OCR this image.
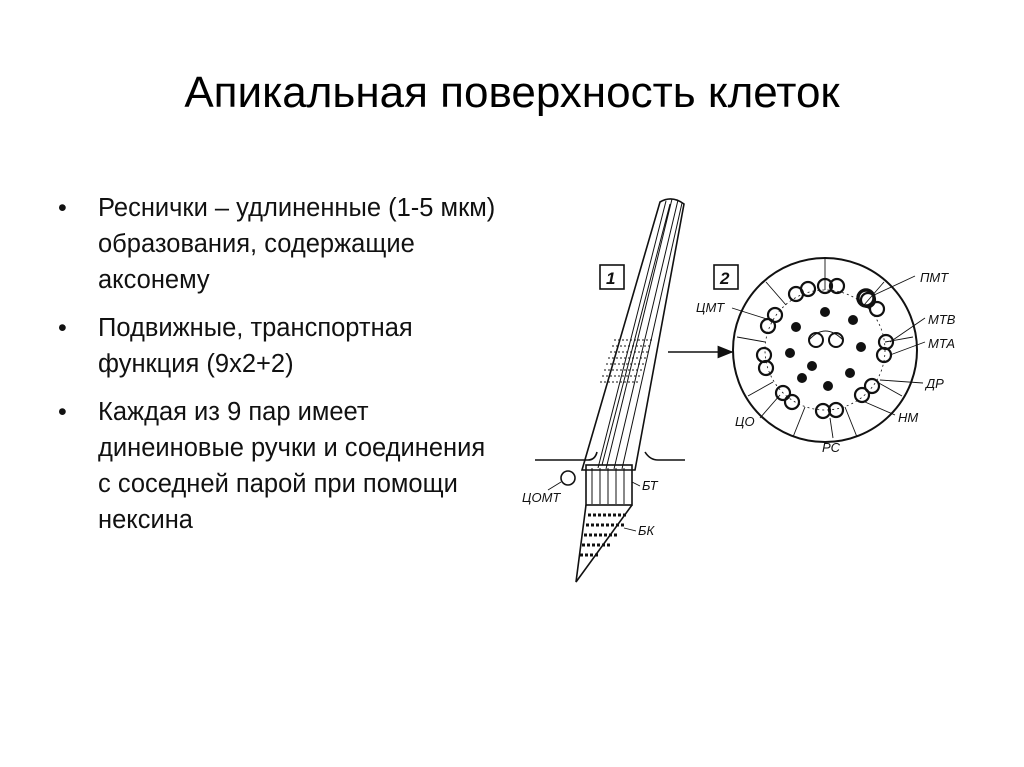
Апикальная поверхность клеток
• Реснички – удлиненные (1-5 мкм) образования, содержащие аксонему
• Подвижные, транспортная функция (9х2+2)
• Каждая из 9 пар имеет динеиновые ручки и соединения с соседней парой при помощи нексина
1	2	ПМТ
МТВ
МТА
ДР
НМ
РС
ЦО
ЦМТ
ЦОМТ
БТ
БК
